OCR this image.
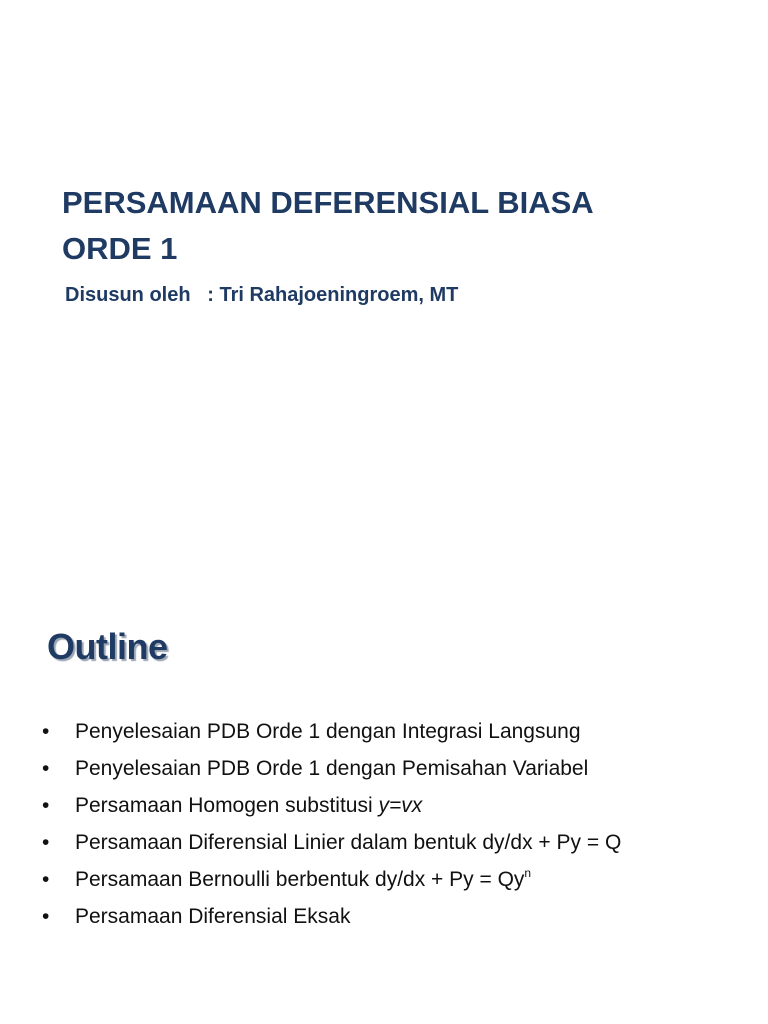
PERSAMAAN DEFERENSIAL BIASA
ORDE 1

Disusun oleh   : Tri Rahajoeningroem, MT

Outline
• Penyelesaian PDB Orde 1 dengan Integrasi Langsung
• Penyelesaian PDB Orde 1 dengan Pemisahan Variabel
• Persamaan Homogen substitusi y=vx
• Persamaan Diferensial Linier dalam bentuk dy/dx + Py = Q
• Persamaan Bernoulli berbentuk $dy/dx + Py = Qy^n$
• Persamaan Diferensial Eksak
